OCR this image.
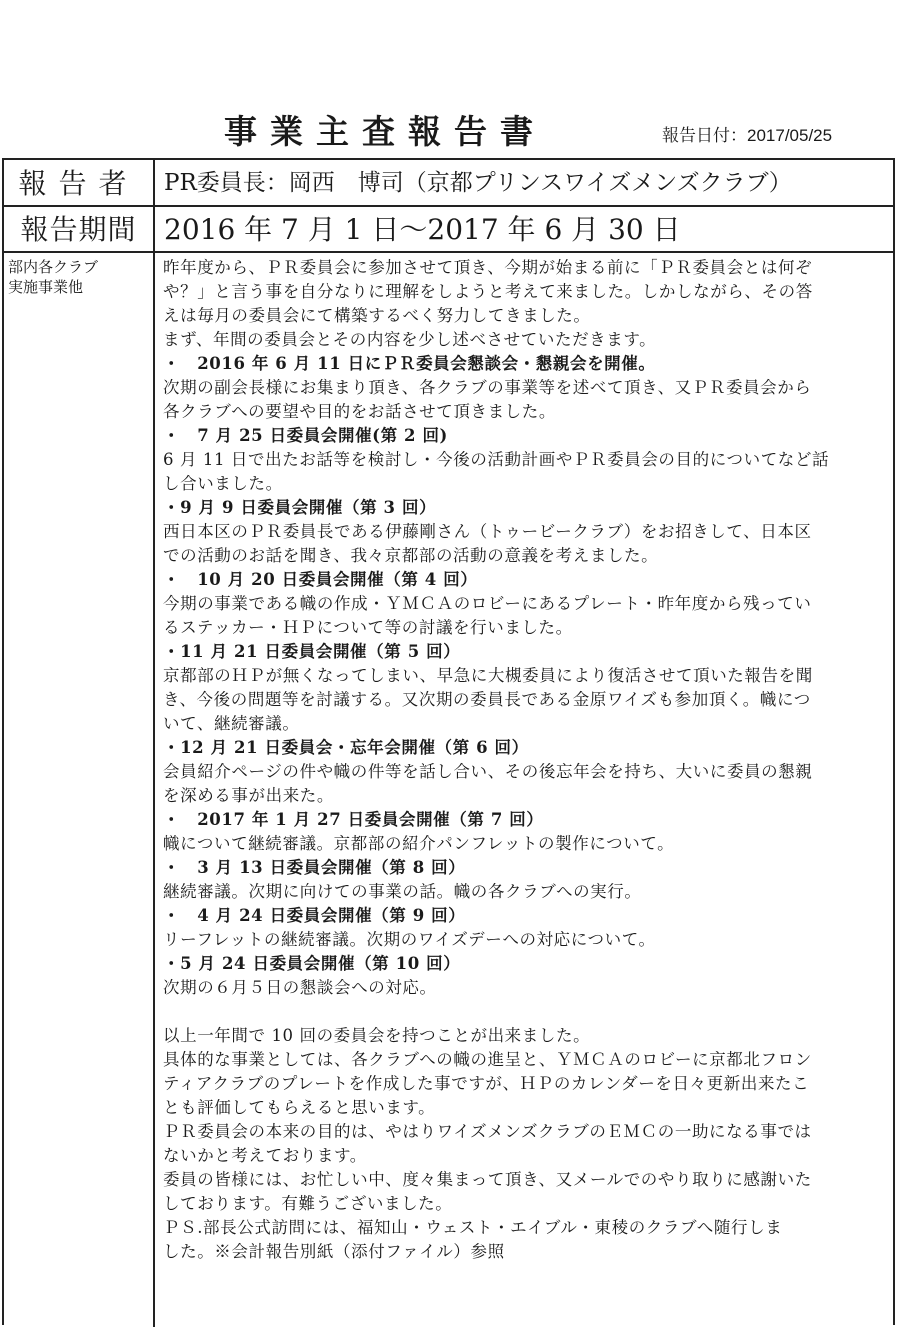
事業主査報告書	報告日付：2017/05/25
報告者	PR委員長：岡西　博司（京都プリンスワイズメンズクラブ）
報告期間 2016 年 7 月 1 日～2017 年 6 月 30 日
部内各クラブ
実施事業他
昨年度から、ＰＲ委員会に参加させて頂き、今期が始まる前に「ＰＲ委員会とは何ぞ
や？」と言う事を自分なりに理解をしようと考えて来ました。しかしながら、その答
えは毎月の委員会にて構築するべく努力してきました。
まず、年間の委員会とその内容を少し述べさせていただきます。
・　2016 年 6 月 11 日にＰＲ委員会懇談会・懇親会を開催。
次期の副会長様にお集まり頂き、各クラブの事業等を述べて頂き、又ＰＲ委員会から
各クラブへの要望や目的をお話させて頂きました。
・　7 月 25 日委員会開催(第 2 回)
6 月 11 日で出たお話等を検討し・今後の活動計画やＰＲ委員会の目的についてなど話
し合いました。
・9 月 9 日委員会開催（第 3 回）
西日本区のＰＲ委員長である伊藤剛さん（トゥービークラブ）をお招きして、日本区
での活動のお話を聞き、我々京都部の活動の意義を考えました。
・　10 月 20 日委員会開催（第 4 回）
今期の事業である幟の作成・ＹＭＣＡのロビーにあるプレート・昨年度から残ってい
るステッカー・ＨＰについて等の討議を行いました。
・11 月 21 日委員会開催（第 5 回）
京都部のＨＰが無くなってしまい、早急に大槻委員により復活させて頂いた報告を聞
き、今後の問題等を討議する。又次期の委員長である金原ワイズも参加頂く。幟につ
いて、継続審議。
・12 月 21 日委員会・忘年会開催（第 6 回）
会員紹介ページの件や幟の件等を話し合い、その後忘年会を持ち、大いに委員の懇親
を深める事が出来た。
・　2017 年 1 月 27 日委員会開催（第 7 回）
幟について継続審議。京都部の紹介パンフレットの製作について。
・　3 月 13 日委員会開催（第 8 回）
継続審議。次期に向けての事業の話。幟の各クラブへの実行。
・　4 月 24 日委員会開催（第 9 回）
リーフレットの継続審議。次期のワイズデーへの対応について。
・5 月 24 日委員会開催（第 10 回）
次期の６月５日の懇談会への対応。
以上一年間で 10 回の委員会を持つことが出来ました。
具体的な事業としては、各クラブへの幟の進呈と、ＹＭＣＡのロビーに京都北フロン
ティアクラブのプレートを作成した事ですが、ＨＰのカレンダーを日々更新出来たこ
とも評価してもらえると思います。
ＰＲ委員会の本来の目的は、やはりワイズメンズクラブのＥＭＣの一助になる事では
ないかと考えております。
委員の皆様には、お忙しい中、度々集まって頂き、又メールでのやり取りに感謝いた
しております。有難うございました。
ＰＳ.部長公式訪問には、福知山・ウェスト・エイブル・東稜のクラブへ随行しま
した。※会計報告別紙（添付ファイル）参照
